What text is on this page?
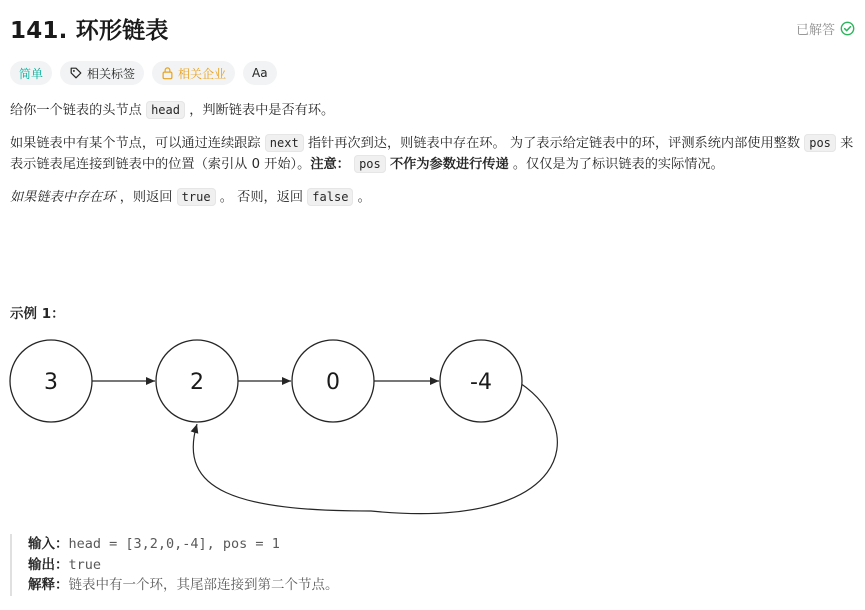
141. 环形链表	已解答
简单	相关标签	相关企业 Aa

给你一个链表的头节点 head ，判断链表中是否有环。

如果链表中有某个节点，可以通过连续跟踪 next 指针再次到达，则链表中存在环。 为了表示给定链表中的环，评测系统内部使用整数 pos 来表示链表尾连接到链表中的位置（索引从 0 开始）。注意： pos 不作为参数进行传递 。仅仅是为了标识链表的实际情况。

如果链表中存在环 ，则返回 true 。 否则，返回 false 。

示例 1：
3	2	0	-4
输入：head = [3,2,0,-4], pos = 1
输出：true
解释：链表中有一个环，其尾部连接到第二个节点。
